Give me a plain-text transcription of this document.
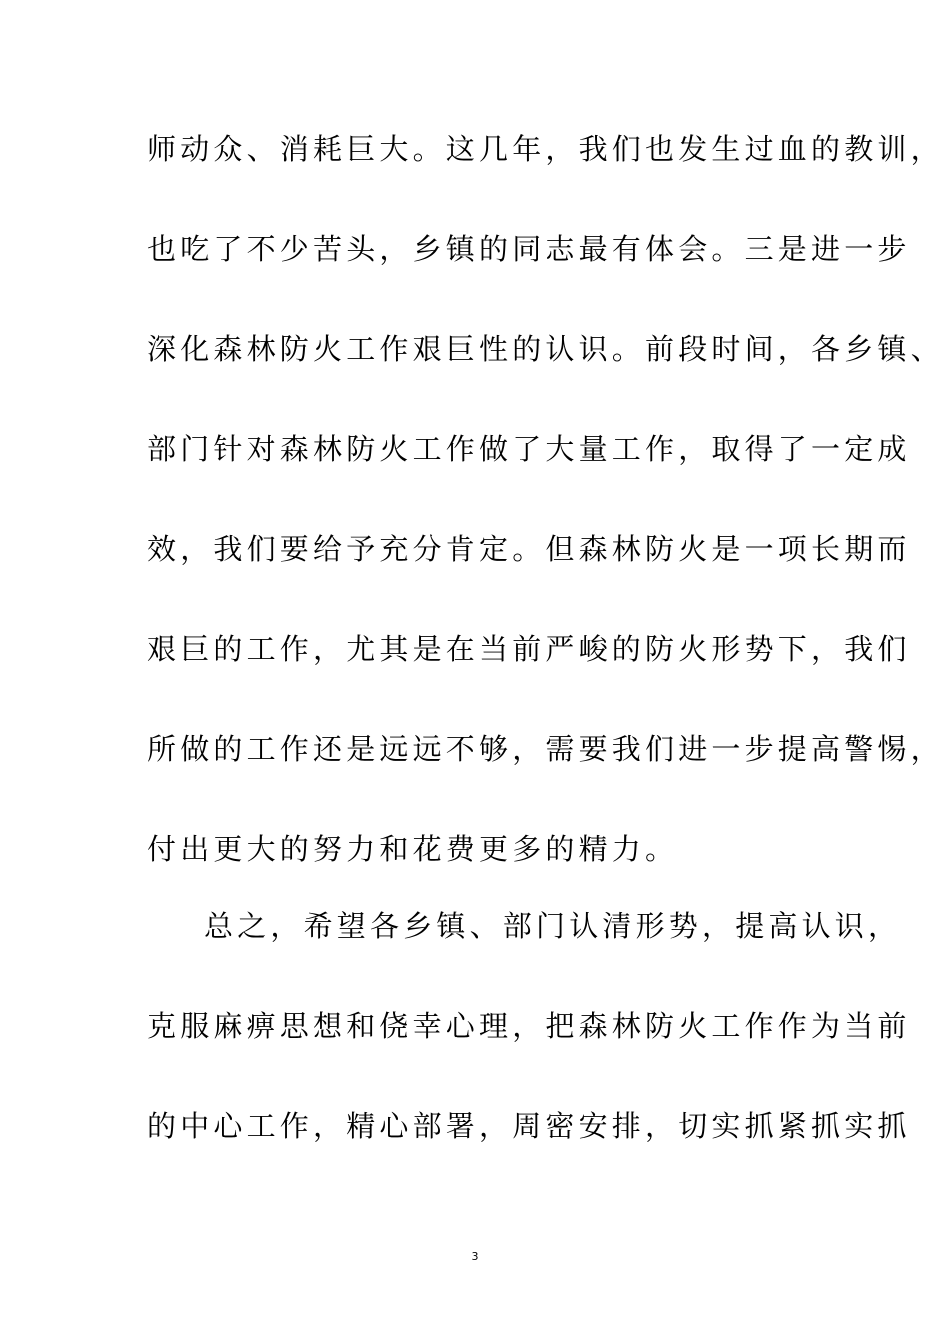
师动众、消耗巨大。这几年，我们也发生过血的教训，
也吃了不少苦头，乡镇的同志最有体会。三是进一步
深化森林防火工作艰巨性的认识。前段时间，各乡镇、
部门针对森林防火工作做了大量工作，取得了一定成
效，我们要给予充分肯定。但森林防火是一项长期而
艰巨的工作，尤其是在当前严峻的防火形势下，我们
所做的工作还是远远不够，需要我们进一步提高警惕，
付出更大的努力和花费更多的精力。
总之，希望各乡镇、部门认清形势，提高认识，
克服麻痹思想和侥幸心理，把森林防火工作作为当前
的中心工作，精心部署，周密安排，切实抓紧抓实抓
3
